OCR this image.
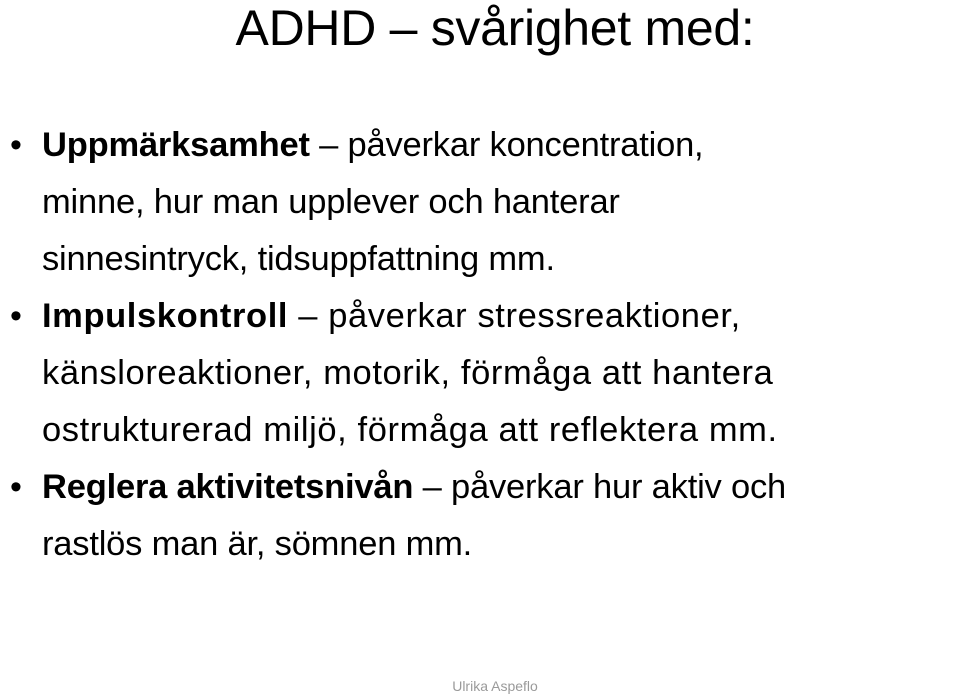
ADHD – svårighet med:
• Uppmärksamhet – påverkar koncentration,
minne, hur man upplever och hanterar
sinnesintryck, tidsuppfattning mm.
• Impulskontroll – påverkar stressreaktioner,
känsloreaktioner, motorik, förmåga att hantera
ostrukturerad miljö, förmåga att reflektera mm.
• Reglera aktivitetsnivån – påverkar hur aktiv och
rastlös man är, sömnen mm.
Ulrika Aspeflo
